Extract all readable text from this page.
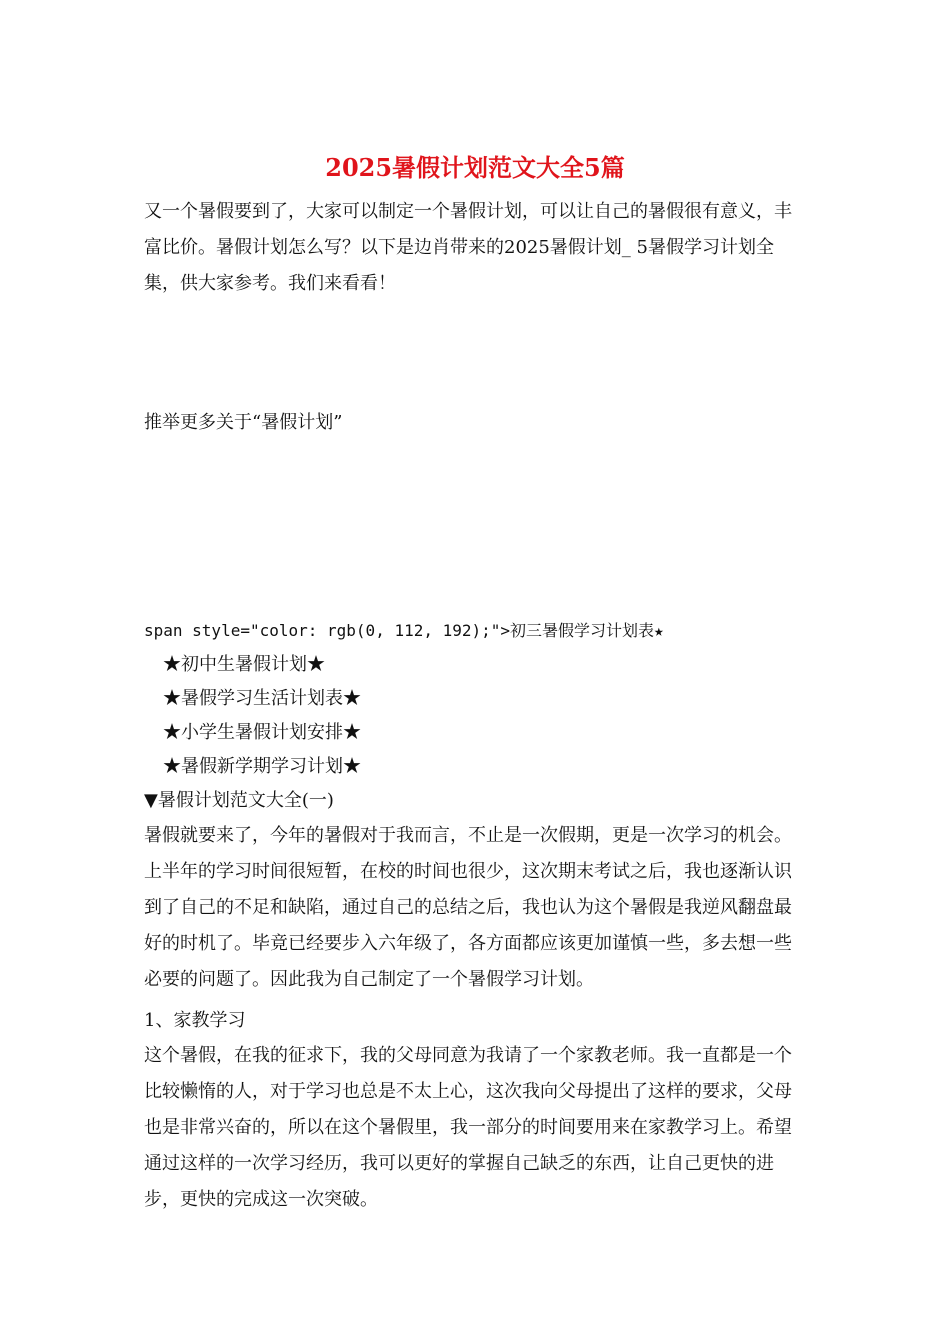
2025暑假计划范文大全5篇

又一个暑假要到了，大家可以制定一个暑假计划，可以让自己的暑假很有意义，丰富比价。暑假计划怎么写？以下是边肖带来的2025暑假计划_ 5暑假学习计划全集，供大家参考。我们来看看！

推举更多关于“暑假计划”
span style="color: rgb(0, 112, 192);">初三暑假学习计划表★
★初中生暑假计划★
★暑假学习生活计划表★
★小学生暑假计划安排★
★暑假新学期学习计划★
▼暑假计划范文大全(一)

暑假就要来了，今年的暑假对于我而言，不止是一次假期，更是一次学习的机会。上半年的学习时间很短暂，在校的时间也很少，这次期末考试之后，我也逐渐认识到了自己的不足和缺陷，通过自己的总结之后，我也认为这个暑假是我逆风翻盘最好的时机了。毕竟已经要步入六年级了，各方面都应该更加谨慎一些，多去想一些必要的问题了。因此我为自己制定了一个暑假学习计划。

1、家教学习

这个暑假，在我的征求下，我的父母同意为我请了一个家教老师。我一直都是一个比较懒惰的人，对于学习也总是不太上心，这次我向父母提出了这样的要求，父母也是非常兴奋的，所以在这个暑假里，我一部分的时间要用来在家教学习上。希望通过这样的一次学习经历，我可以更好的掌握自己缺乏的东西，让自己更快的进步，更快的完成这一次突破。
